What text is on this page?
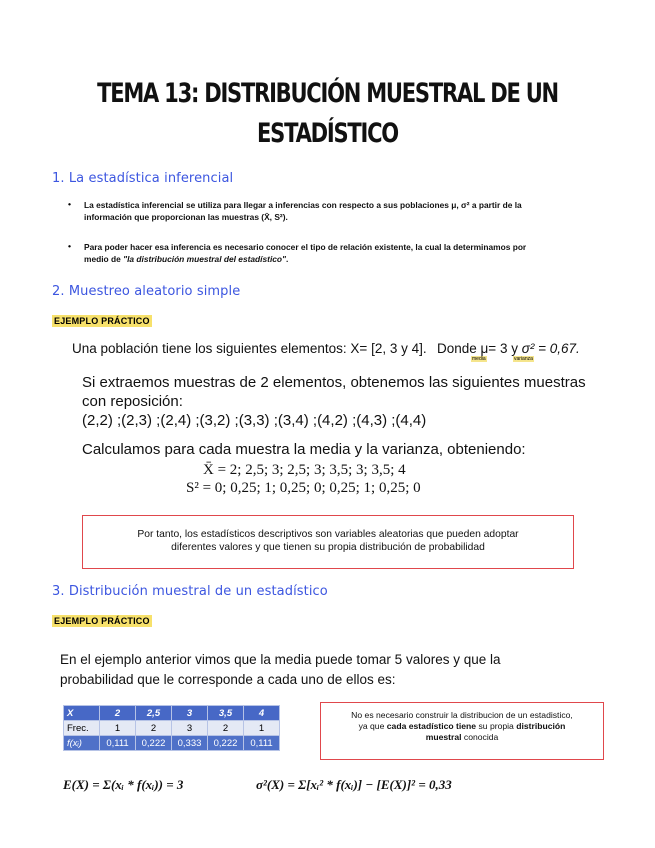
TEMA 13: DISTRIBUCIÓN MUESTRAL DE UN
ESTADÍSTICO
1. La estadística inferencial
• La estadística inferencial se utiliza para llegar a inferencias con respecto a sus poblaciones μ, σ² a partir de la
información que proporcionan las muestras (X̄, S²).
• Para poder hacer esa inferencia es necesario conocer el tipo de relación existente, la cual la determinamos por
medio de "la distribución muestral del estadístico".
2. Muestreo aleatorio simple
EJEMPLO PRÁCTICO
Una población tiene los siguientes elementos: X= [2, 3 y 4]. Donde μ= 3 y σ² = 0,67.
media	varianza
Si extraemos muestras de 2 elementos, obtenemos las siguientes muestras
con reposición:
(2,2) ;(2,3) ;(2,4) ;(3,2) ;(3,3) ;(3,4) ;(4,2) ;(4,3) ;(4,4)
Calculamos para cada muestra la media y la varianza, obteniendo:
X̄ = 2; 2,5; 3; 2,5; 3; 3,5; 3; 3,5; 4
S² = 0; 0,25; 1; 0,25; 0; 0,25; 1; 0,25; 0
Por tanto, los estadísticos descriptivos son variables aleatorias que pueden adoptar
diferentes valores y que tienen su propia distribución de probabilidad
3. Distribución muestral de un estadístico
EJEMPLO PRÁCTICO
En el ejemplo anterior vimos que la media puede tomar 5 valores y que la
probabilidad que le corresponde a cada uno de ellos es:
X	2	2,5	3	3,5	4
Frec.	1	2	3	2	1
f(xᵢ)	0,111	0,222	0,333	0,222	0,111
No es necesario construir la distribucion de un estadistico,
ya que cada estadístico tiene su propia distribución
muestral conocida
E(X) = Σ(xᵢ * f(xᵢ)) = 3	σ²(X) = Σ[xᵢ² * f(xᵢ)] − [E(X)]² = 0,33
